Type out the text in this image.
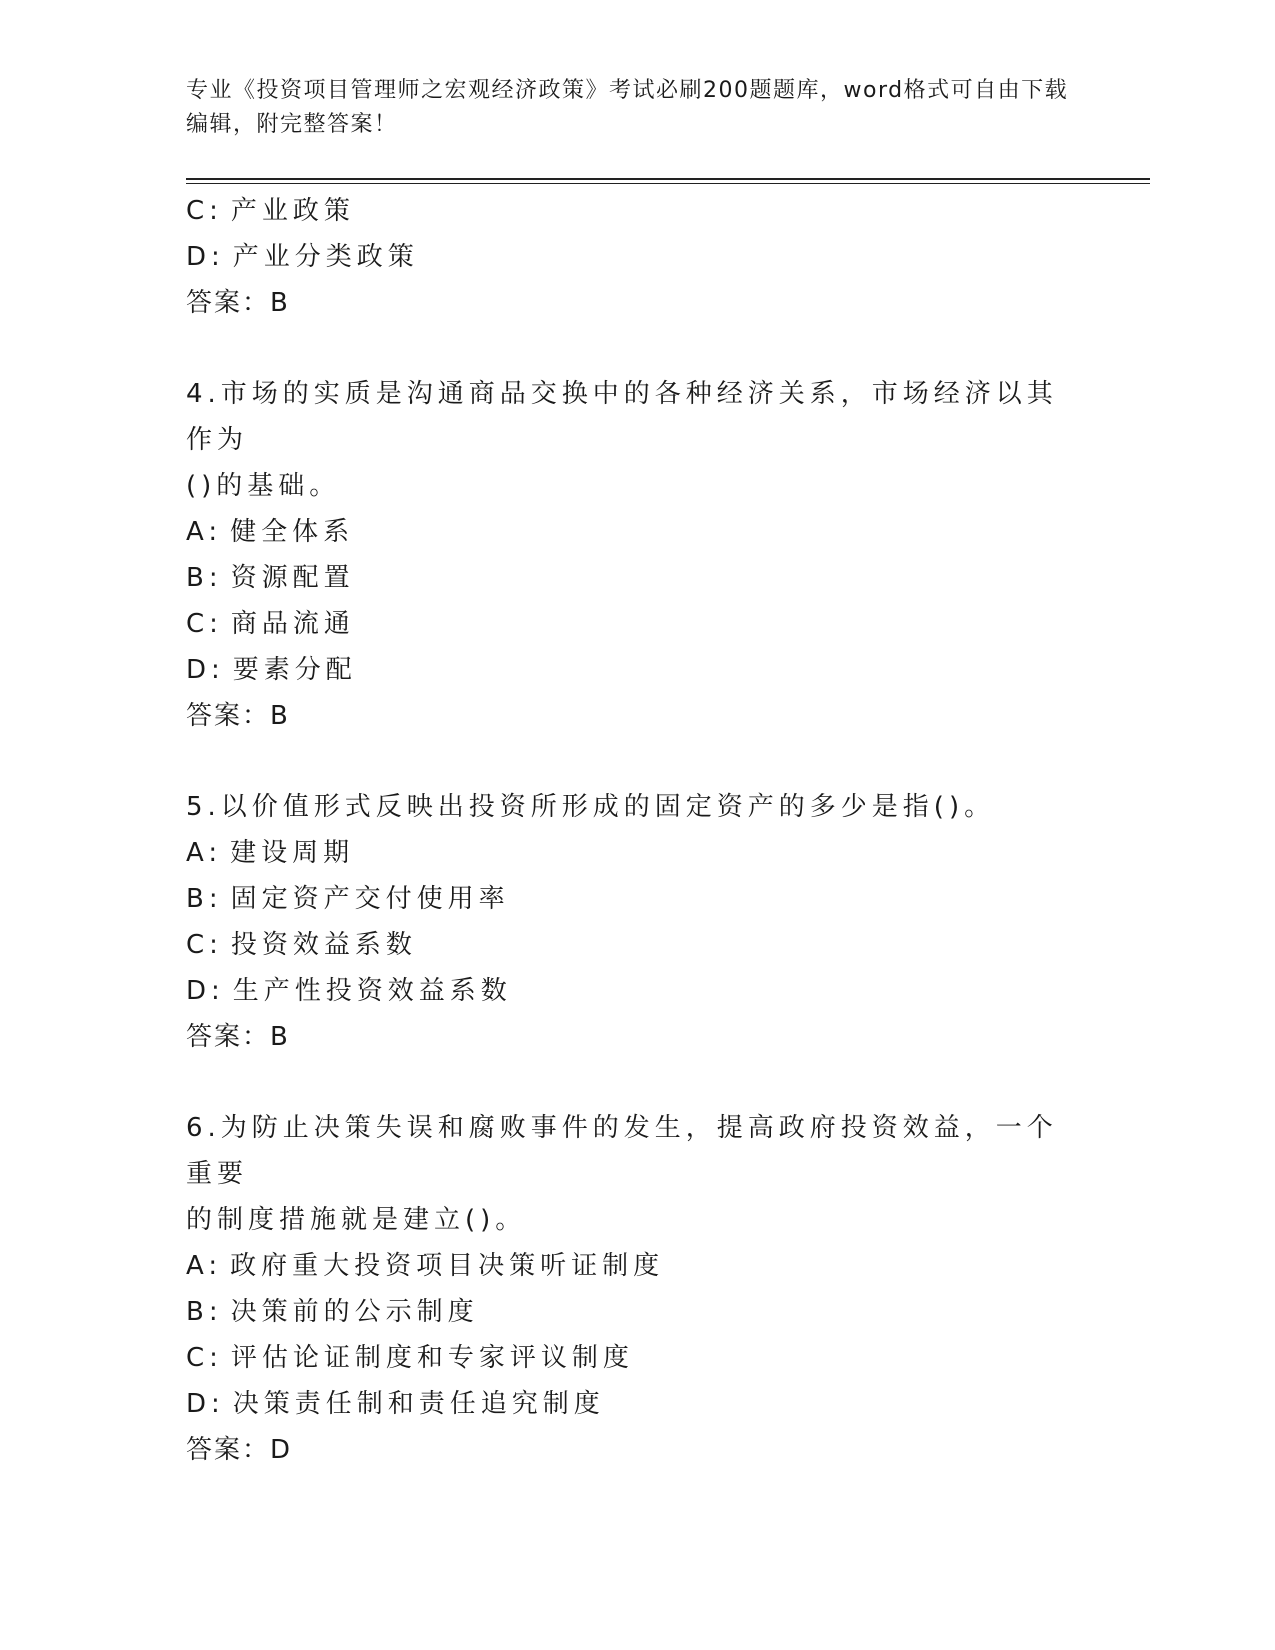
专业《投资项目管理师之宏观经济政策》考试必刷200题题库，word格式可自由下载编辑，附完整答案！

C: 产业政策

D: 产业分类政策

答案：B

4.市场的实质是沟通商品交换中的各种经济关系，市场经济以其作为

()的基础。

A: 健全体系

B: 资源配置

C: 商品流通

D: 要素分配

答案：B

5.以价值形式反映出投资所形成的固定资产的多少是指()。

A: 建设周期

B: 固定资产交付使用率

C: 投资效益系数

D: 生产性投资效益系数

答案：B

6.为防止决策失误和腐败事件的发生，提高政府投资效益，一个重要

的制度措施就是建立()。

A: 政府重大投资项目决策听证制度

B: 决策前的公示制度

C: 评估论证制度和专家评议制度

D: 决策责任制和责任追究制度

答案：D
